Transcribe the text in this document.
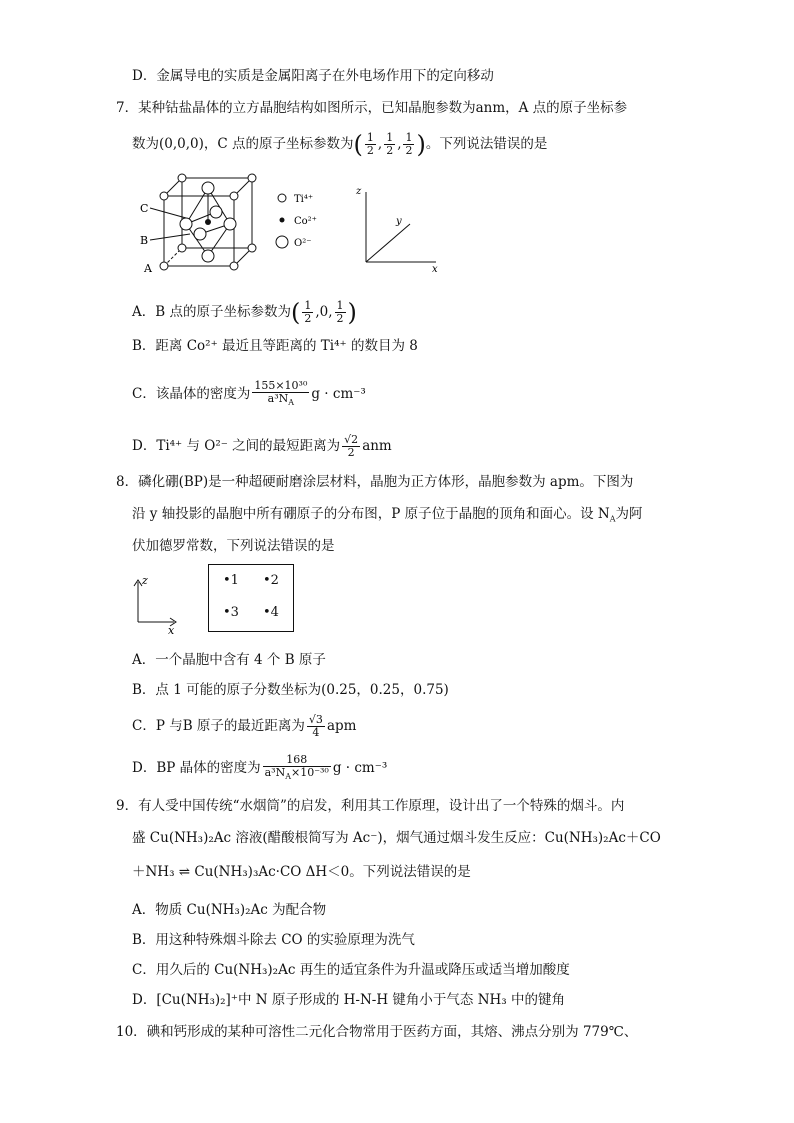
D．金属导电的实质是金属阳离子在外电场作用下的定向移动
7．某种钴盐晶体的立方晶胞结构如图所示，已知晶胞参数为anm，A 点的原子坐标参
数为(0,0,0)，C 点的原子坐标参数为( $\frac{1}{2}$ , $\frac{1}{2}$ , $\frac{1}{2}$ )。下列说法错误的是
C
B
A
Ti⁴⁺
Co²⁺
O²⁻
z
y
x
A．B 点的原子坐标参数为( $\frac{1}{2} ,0$, $\frac{1}{2}$ )
B．距离 Co²⁺ 最近且等距离的 Ti⁴⁺ 的数目为 8
C．该晶体的密度为 $\frac{\text{155×10³⁰}}{a^3N_A}$ g · cm⁻³
D．Ti⁴⁺ 与 O²⁻ 之间的最短距离为 $\frac{√2}{2}$ anm
8．磷化硼(BP)是一种超硬耐磨涂层材料，晶胞为正方体形，晶胞参数为 apm。下图为
沿 y 轴投影的晶胞中所有硼原子的分布图，P 原子位于晶胞的顶角和面心。设 $N_A$为阿
伏加德罗常数，下列说法错误的是
z
x
•1 •2
•3 •4
A．一个晶胞中含有 4 个 B 原子
B．点 1 可能的原子分数坐标为(0.25，0.25，0.75)
C．P 与B 原子的最近距离为 $\frac{√3}{4}$ apm
D．BP 晶体的密度为 $\frac{168}{a^3N_A\times 10^{-30}}$ g · cm⁻³
9．有人受中国传统“水烟筒”的启发，利用其工作原理，设计出了一个特殊的烟斗。内
盛 Cu(NH₃)₂Ac 溶液(醋酸根简写为 Ac⁻)，烟气通过烟斗发生反应：Cu(NH₃)₂Ac＋CO
＋NH₃ ⇌ Cu(NH₃)₃Ac·CO ΔH＜0。下列说法错误的是
A．物质 Cu(NH₃)₂Ac 为配合物
B．用这种特殊烟斗除去 CO 的实验原理为洗气
C．用久后的 Cu(NH₃)₂Ac 再生的适宜条件为升温或降压或适当增加酸度
D．[Cu(NH₃)₂]⁺中 N 原子形成的 H-N-H 键角小于气态 NH₃ 中的键角
10．碘和钙形成的某种可溶性二元化合物常用于医药方面，其熔、沸点分别为 779℃、
